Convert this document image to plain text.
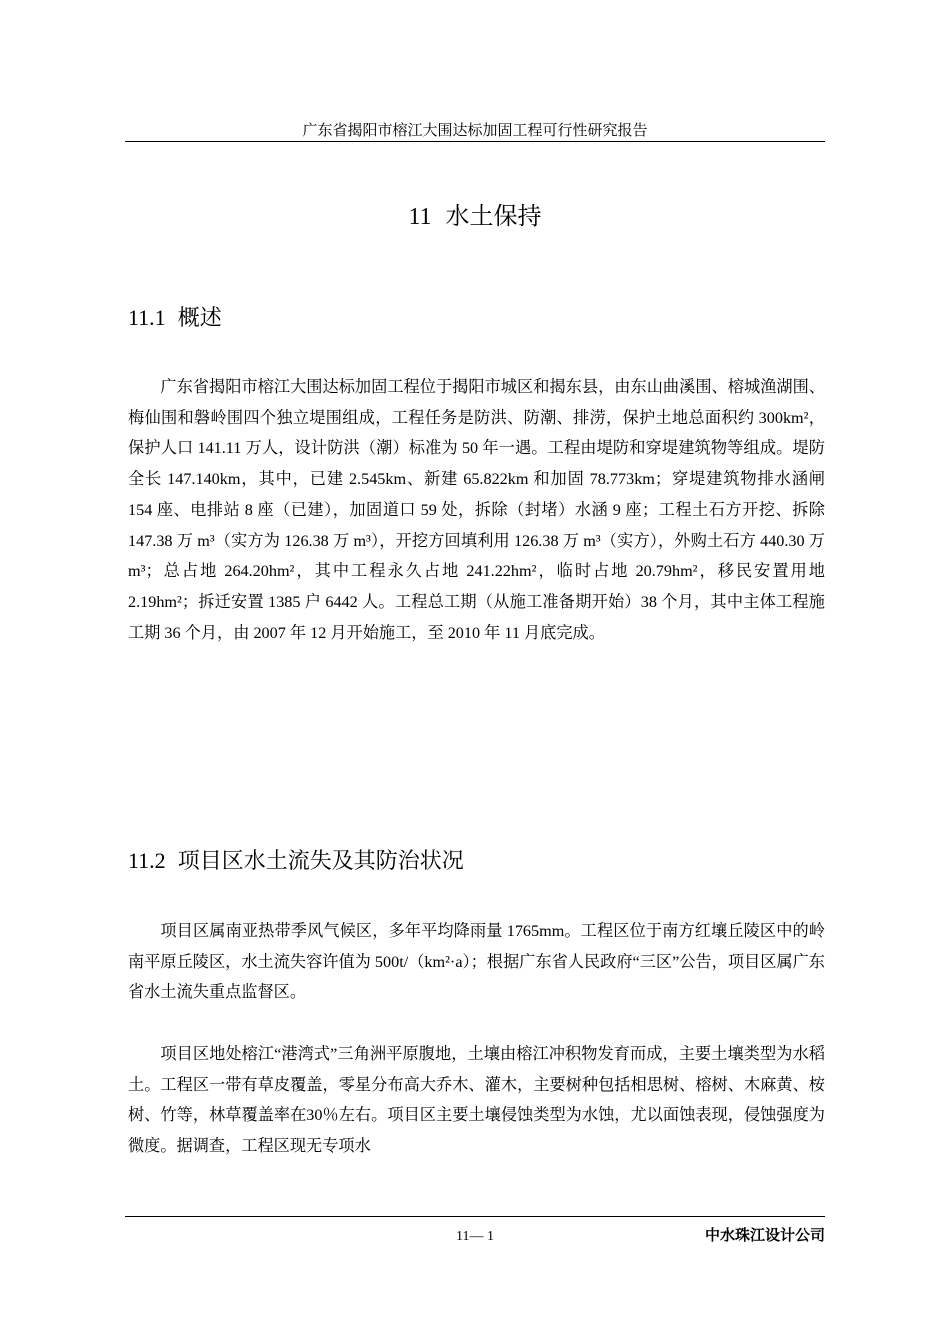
广东省揭阳市榕江大围达标加固工程可行性研究报告
11 水土保持
11.1 概述
广东省揭阳市榕江大围达标加固工程位于揭阳市城区和揭东县，由东山曲溪围、榕城渔湖围、梅仙围和磐岭围四个独立堤围组成，工程任务是防洪、防潮、排涝，保护土地总面积约 300km²，保护人口 141.11 万人，设计防洪（潮）标准为 50 年一遇。工程由堤防和穿堤建筑物等组成。堤防全长 147.140km，其中，已建 2.545km、新建 65.822km 和加固 78.773km；穿堤建筑物排水涵闸 154 座、电排站 8 座（已建），加固道口 59 处，拆除（封堵）水涵 9 座；工程土石方开挖、拆除 147.38 万 m³（实方为 126.38 万 m³），开挖方回填利用 126.38 万 m³（实方），外购土石方 440.30 万 m³；总占地 264.20hm²，其中工程永久占地 241.22hm²，临时占地 20.79hm²，移民安置用地 2.19hm²；拆迁安置 1385 户 6442 人。工程总工期（从施工准备期开始）38 个月，其中主体工程施工期 36 个月，由 2007 年 12 月开始施工，至 2010 年 11 月底完成。
11.2 项目区水土流失及其防治状况
项目区属南亚热带季风气候区，多年平均降雨量 1765mm。工程区位于南方红壤丘陵区中的岭南平原丘陵区，水土流失容许值为 500t/（km²·a）；根据广东省人民政府“三区”公告，项目区属广东省水土流失重点监督区。
项目区地处榕江“港湾式”三角洲平原腹地，土壤由榕江冲积物发育而成，主要土壤类型为水稻土。工程区一带有草皮覆盖，零星分布高大乔木、灌木，主要树种包括相思树、榕树、木麻黄、桉树、竹等，林草覆盖率在30％左右。项目区主要土壤侵蚀类型为水蚀，尤以面蚀表现，侵蚀强度为微度。据调查，工程区现无专项水
11— 1	中水珠江设计公司
